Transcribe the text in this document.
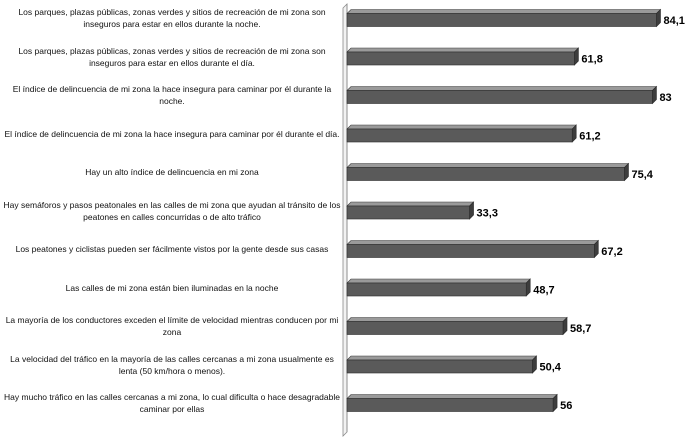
Los parques, plazas públicas, zonas verdes y sitios de recreación de mi zona son inseguros para estar en ellos durante la noche.
Los parques, plazas públicas, zonas verdes y sitios de recreación de mi zona son inseguros para estar en ellos durante el día.
El índice de delincuencia de mi zona la hace insegura para caminar por él durante la noche.
El índice de delincuencia de mi zona la hace insegura para caminar por él durante el día.
Hay un alto índice de delincuencia en mi zona
Hay semáforos y pasos peatonales en las calles de mi zona que ayudan al tránsito de los peatones en calles concurridas o de alto tráfico
Los peatones y ciclistas pueden ser fácilmente vistos por la gente desde sus casas
Las calles de mi zona están bien iluminadas en la noche
La mayoría de los conductores exceden el límite de velocidad mientras conducen por mi zona
La velocidad del tráfico en la mayoría de las calles cercanas a mi zona usualmente es lenta (50 km/hora o menos).
Hay mucho tráfico en las calles cercanas a mi zona, lo cual dificulta o hace desagradable caminar por ellas
84,1
61,8
83
61,2
75,4
33,3
67,2
48,7
58,7
50,4
56
